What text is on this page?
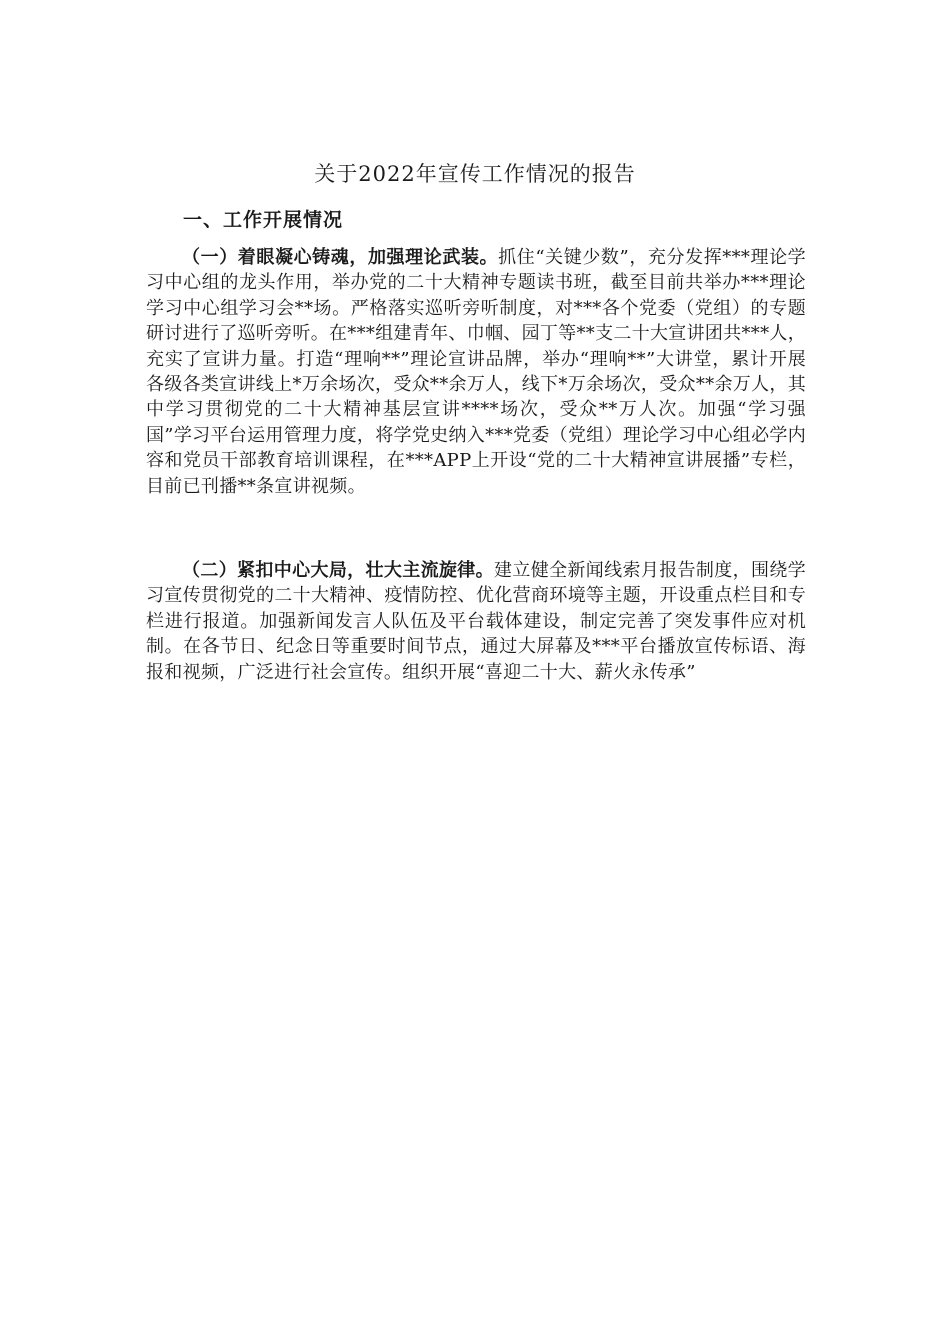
关于2022年宣传工作情况的报告
一、工作开展情况

（一）着眼凝心铸魂，加强理论武装。抓住“关键少数”，充分发挥***理论学习中心组的龙头作用，举办党的二十大精神专题读书班，截至目前共举办***理论学习中心组学习会**场。严格落实巡听旁听制度，对***各个党委（党组）的专题研讨进行了巡听旁听。在***组建青年、巾帼、园丁等**支二十大宣讲团共***人，充实了宣讲力量。打造“理响**”理论宣讲品牌，举办“理响**”大讲堂，累计开展各级各类宣讲线上*万余场次，受众**余万人，线下*万余场次，受众**余万人，其中学习贯彻党的二十大精神基层宣讲****场次，受众**万人次。加强“学习强国”学习平台运用管理力度，将学党史纳入***党委（党组）理论学习中心组必学内容和党员干部教育培训课程，在***APP上开设“党的二十大精神宣讲展播”专栏，目前已刊播**条宣讲视频。

（二）紧扣中心大局，壮大主流旋律。建立健全新闻线索月报告制度，围绕学习宣传贯彻党的二十大精神、疫情防控、优化营商环境等主题，开设重点栏目和专栏进行报道。加强新闻发言人队伍及平台载体建设，制定完善了突发事件应对机制。在各节日、纪念日等重要时间节点，通过大屏幕及***平台播放宣传标语、海报和视频，广泛进行社会宣传。组织开展“喜迎二十大、薪火永传承”
